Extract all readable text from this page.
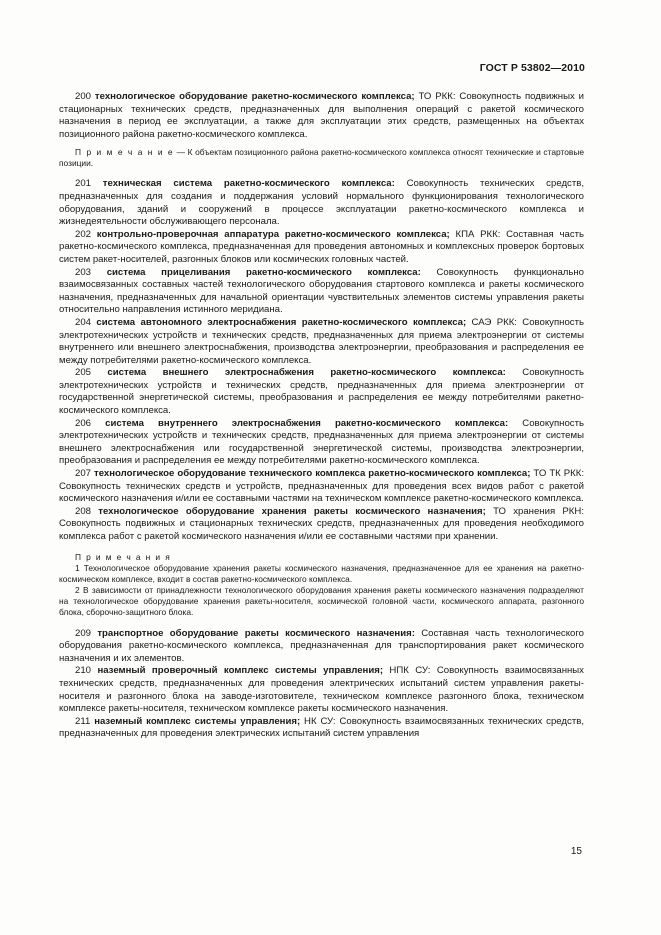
ГОСТ Р 53802—2010

200 технологическое оборудование ракетно-космического комплекса; ТО РКК: Совокупность подвижных и стационарных технических средств, предназначенных для выполнения операций с ракетой космического назначения в период ее эксплуатации, а также для эксплуатации этих средств, размещенных на объектах позиционного района ракетно-космического комплекса.

П р и м е ч а н и е — К объектам позиционного района ракетно-космического комплекса относят технические и стартовые позиции.

201 техническая система ракетно-космического комплекса: Совокупность технических средств, предназначенных для создания и поддержания условий нормального функционирования технологического оборудования, зданий и сооружений в процессе эксплуатации ракетно-космического комплекса и жизнедеятельности обслуживающего персонала.

202 контрольно-проверочная аппаратура ракетно-космического комплекса; КПА РКК: Составная часть ракетно-космического комплекса, предназначенная для проведения автономных и комплексных проверок бортовых систем ракет-носителей, разгонных блоков или космических головных частей.

203 система прицеливания ракетно-космического комплекса: Совокупность функционально взаимосвязанных составных частей технологического оборудования стартового комплекса и ракеты космического назначения, предназначенных для начальной ориентации чувствительных элементов системы управления ракеты относительно направления истинного меридиана.

204 система автономного электроснабжения ракетно-космического комплекса; САЭ РКК: Совокупность электротехнических устройств и технических средств, предназначенных для приема электроэнергии от системы внутреннего или внешнего электроснабжения, производства электроэнергии, преобразования и распределения ее между потребителями ракетно-космического комплекса.

205 система внешнего электроснабжения ракетно-космического комплекса: Совокупность электротехнических устройств и технических средств, предназначенных для приема электроэнергии от государственной энергетической системы, преобразования и распределения ее между потребителями ракетно-космического комплекса.

206 система внутреннего электроснабжения ракетно-космического комплекса: Совокупность электротехнических устройств и технических средств, предназначенных для приема электроэнергии от системы внешнего электроснабжения или государственной энергетической системы, производства электроэнергии, преобразования и распределения ее между потребителями ракетно-космического комплекса.

207 технологическое оборудование технического комплекса ракетно-космического комплекса; ТО ТК РКК: Совокупность технических средств и устройств, предназначенных для проведения всех видов работ с ракетой космического назначения и/или ее составными частями на техническом комплексе ракетно-космического комплекса.

208 технологическое оборудование хранения ракеты космического назначения; ТО хранения РКН: Совокупность подвижных и стационарных технических средств, предназначенных для проведения необходимого комплекса работ с ракетой космического назначения и/или ее составными частями при хранении.

П р и м е ч а н и я

1 Технологическое оборудование хранения ракеты космического назначения, предназначенное для ее хранения на ракетно-космическом комплексе, входит в состав ракетно-космического комплекса.

2 В зависимости от принадлежности технологического оборудования хранения ракеты космического назначения подразделяют на технологическое оборудование хранения ракеты-носителя, космической головной части, космического аппарата, разгонного блока, сборочно-защитного блока.

209 транспортное оборудование ракеты космического назначения: Составная часть технологического оборудования ракетно-космического комплекса, предназначенная для транспортирования ракет космического назначения и их элементов.

210 наземный проверочный комплекс системы управления; НПК СУ: Совокупность взаимосвязанных технических средств, предназначенных для проведения электрических испытаний систем управления ракеты-носителя и разгонного блока на заводе-изготовителе, техническом комплексе разгонного блока, техническом комплексе ракеты-носителя, техническом комплексе ракеты космического назначения.

211 наземный комплекс системы управления; НК СУ: Совокупность взаимосвязанных технических средств, предназначенных для проведения электрических испытаний систем управления

15
